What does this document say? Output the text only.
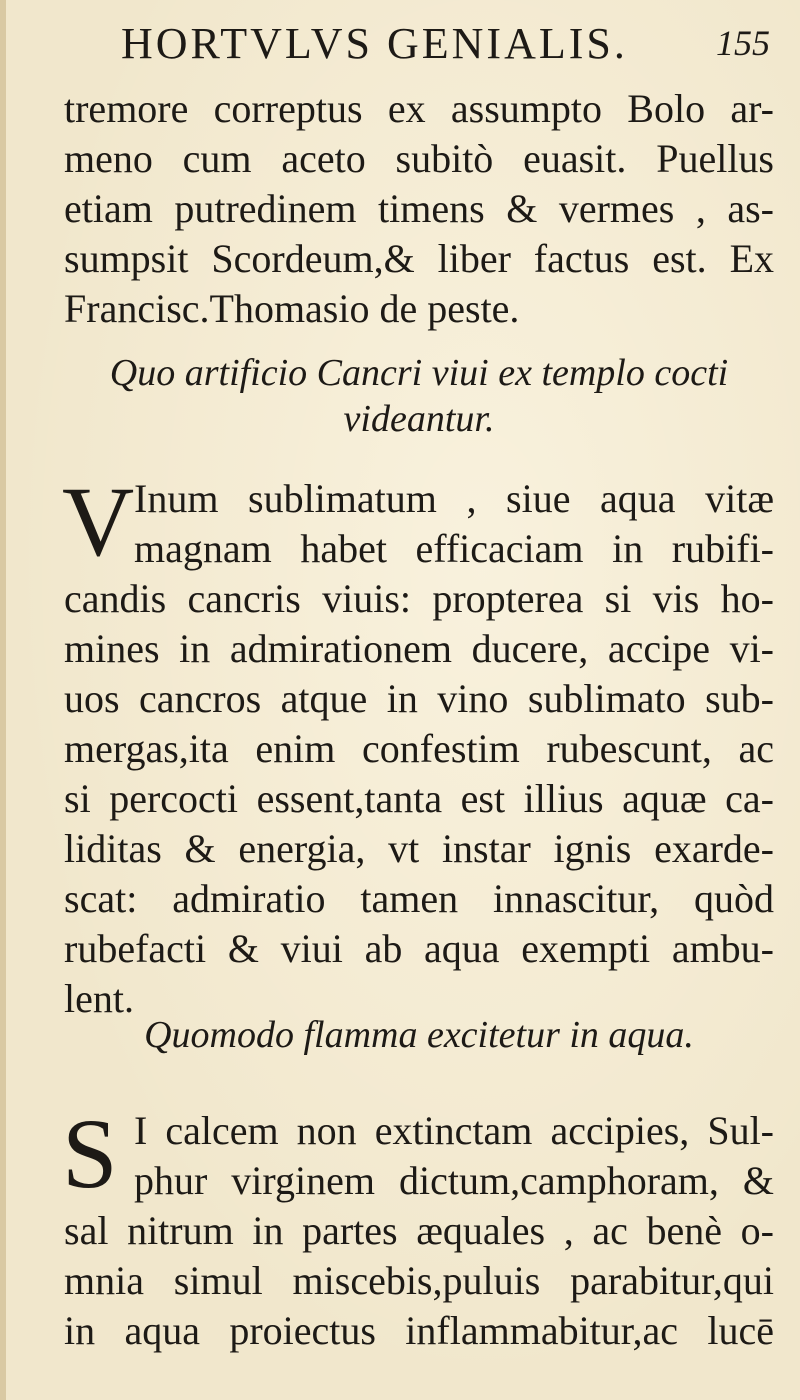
HORTVLVS GENIALIS. 155
tremore correptus ex assumpto Bolo ar-
meno cum aceto subitò euasit. Puellus
etiam putredinem timens & vermes , as-
sumpsit Scordeum,& liber factus est. Ex
Francisc.Thomasio de peste.
Quo artificio Cancri viui ex templo cocti
videantur.
V Inum sublimatum , siue aqua vitæ
magnam habet efficaciam in rubifi-
candis cancris viuis: propterea si vis ho-
mines in admirationem ducere, accipe vi-
uos cancros atque in vino sublimato sub-
mergas,ita enim confestim rubescunt, ac
si percocti essent,tanta est illius aquæ ca-
liditas & energia, vt instar ignis exarde-
scat: admiratio tamen innascitur, quòd
rubefacti & viui ab aqua exempti ambu-
lent.
Quomodo flamma excitetur in aqua.
S I calcem non extinctam accipies, Sul-
phur virginem dictum,camphoram, &
sal nitrum in partes æquales , ac benè o-
mnia simul miscebis,puluis parabitur,qui
in aqua proiectus inflammabitur,ac lucē
